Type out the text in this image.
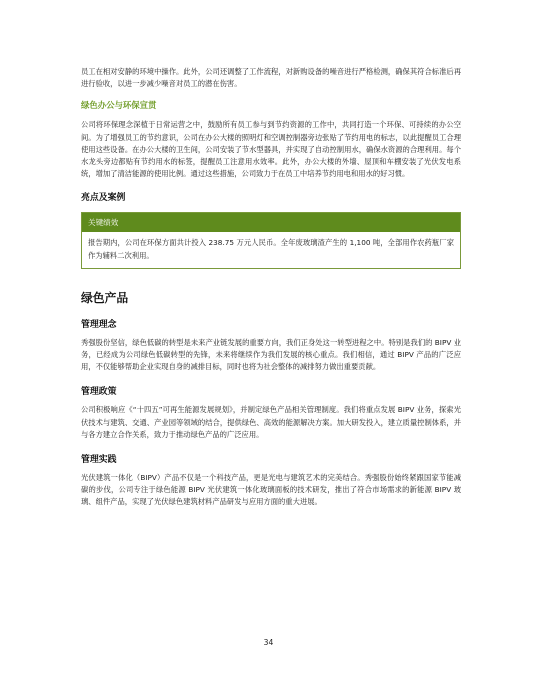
员工在相对安静的环境中操作。此外，公司还调整了工作流程，对新购设备的噪音进行严格检测，确保其符合标准后再进行验收，以进一步减少噪音对员工的潜在伤害。

绿色办公与环保宣贯

公司将环保理念深植于日常运营之中，鼓励所有员工参与到节约资源的工作中，共同打造一个环保、可持续的办公空间。为了增强员工的节约意识，公司在办公大楼的照明灯和空调控制器旁边张贴了节约用电的标志，以此提醒员工合理使用这些设备。在办公大楼的卫生间，公司安装了节水型器具，并实现了自动控制用水，确保水资源的合理利用。每个水龙头旁边都贴有节约用水的标签，提醒员工注意用水效率。此外，办公大楼的外墙、屋顶和车棚安装了光伏发电系统，增加了清洁能源的使用比例。通过这些措施，公司致力于在员工中培养节约用电和用水的好习惯。

亮点及案例

关键绩效

报告期内，公司在环保方面共计投入 238.75 万元人民币。全年废玻璃渣产生的 1,100 吨，全部用作农药瓶厂家作为辅料二次利用。

绿色产品

管理理念

秀强股份坚信，绿色低碳的转型是未来产业链发展的重要方向，我们正身处这一转型进程之中。特别是我们的 BIPV 业务，已经成为公司绿色低碳转型的先锋，未来将继续作为我们发展的核心重点。我们相信，通过 BIPV 产品的广泛应用，不仅能够帮助企业实现自身的减排目标，同时也将为社会整体的减排努力做出重要贡献。

管理政策

公司积极响应《“十四五”可再生能源发展规划》，并制定绿色产品相关管理制度。我们将重点发展 BIPV 业务，探索光伏技术与建筑、交通、产业园等领域的结合，提供绿色、高效的能源解决方案。加大研发投入，建立质量控制体系，并与各方建立合作关系，致力于推动绿色产品的广泛应用。

管理实践

光伏建筑一体化（BIPV）产品不仅是一个科技产品，更是光电与建筑艺术的完美结合。秀强股份始终紧跟国家节能减碳的步伐，公司专注于绿色能源 BIPV 光伏建筑一体化玻璃面板的技术研发，推出了符合市场需求的新能源 BIPV 玻璃、组件产品，实现了光伏绿色建筑材料产品研发与应用方面的重大进展。

34
